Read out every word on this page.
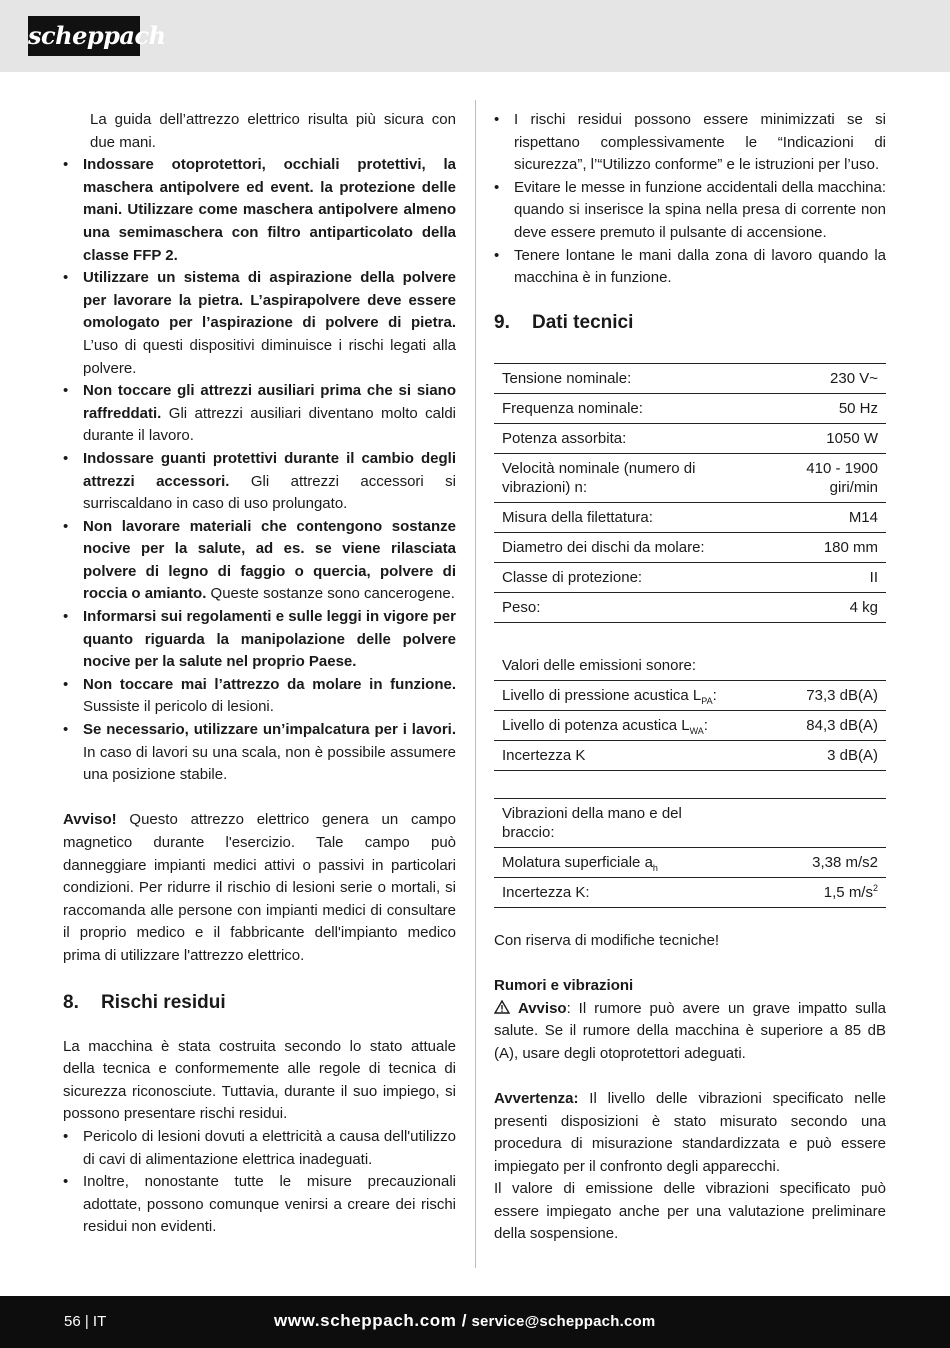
scheppach

La guida dell’attrezzo elettrico risulta più sicura con due mani.

• Indossare otoprotettori, occhiali protettivi, la maschera antipolvere ed event. la protezione delle mani. Utilizzare come maschera antipolvere almeno una semimaschera con filtro antiparticolato della classe FFP 2.
• Utilizzare un sistema di aspirazione della polvere per lavorare la pietra. L’aspirapolvere deve essere omologato per l’aspirazione di polvere di pietra. L’uso di questi dispositivi diminuisce i rischi legati alla polvere.
• Non toccare gli attrezzi ausiliari prima che si siano raffreddati. Gli attrezzi ausiliari diventano molto caldi durante il lavoro.
• Indossare guanti protettivi durante il cambio degli attrezzi accessori. Gli attrezzi accessori si surriscaldano in caso di uso prolungato.
• Non lavorare materiali che contengono sostanze nocive per la salute, ad es. se viene rilasciata polvere di legno di faggio o quercia, polvere di roccia o amianto. Queste sostanze sono cancerogene.
• Informarsi sui regolamenti e sulle leggi in vigore per quanto riguarda la manipolazione delle polvere nocive per la salute nel proprio Paese.
• Non toccare mai l’attrezzo da molare in funzione. Sussiste il pericolo di lesioni.
• Se necessario, utilizzare un’impalcatura per i lavori. In caso di lavori su una scala, non è possibile assumere una posizione stabile.

Avviso! Questo attrezzo elettrico genera un campo magnetico durante l'esercizio. Tale campo può danneggiare impianti medici attivi o passivi in particolari condizioni. Per ridurre il rischio di lesioni serie o mortali, si raccomanda alle persone con impianti medici di consultare il proprio medico e il fabbricante dell'impianto medico prima di utilizzare l'attrezzo elettrico.

8. Rischi residui

La macchina è stata costruita secondo lo stato attuale della tecnica e conformemente alle regole di tecnica di sicurezza riconosciute. Tuttavia, durante il suo impiego, si possono presentare rischi residui.

• Pericolo di lesioni dovuti a elettricità a causa dell'utilizzo di cavi di alimentazione elettrica inadeguati.
• Inoltre, nonostante tutte le misure precauzionali adottate, possono comunque venirsi a creare dei rischi residui non evidenti.
• I rischi residui possono essere minimizzati se si rispettano complessivamente le “Indicazioni di sicurezza”, l’“Utilizzo conforme” e le istruzioni per l’uso.
• Evitare le messe in funzione accidentali della macchina: quando si inserisce la spina nella presa di corrente non deve essere premuto il pulsante di accensione.
• Tenere lontane le mani dalla zona di lavoro quando la macchina è in funzione.
9. Dati tecnici
Tensione nominale:	230 V~
Frequenza nominale:	50 Hz
Potenza assorbita:	1050 W
Velocità nominale (numero di vibrazioni) n:	410 - 1900 giri/min
Misura della filettatura:	M14
Diametro dei dischi da molare:	180 mm
Classe di protezione:	II
Peso:	4 kg
Valori delle emissioni sonore:	
Livello di pressione acustica $L_{PA}$:	73,3 dB(A)
Livello di potenza acustica $L_{WA}$:	84,3 dB(A)
Incertezza K	3 dB(A)
Vibrazioni della mano e del braccio:	
Molatura superficiale $a_h$	3,38 m/s2
Incertezza K:	1,5 $m/s^2$

Con riserva di modifiche tecniche!

Rumori e vibrazioni

Avviso: Il rumore può avere un grave impatto sulla salute. Se il rumore della macchina è superiore a 85 dB (A), usare degli otoprotettori adeguati.

Avvertenza: Il livello delle vibrazioni specificato nelle presenti disposizioni è stato misurato secondo una procedura di misurazione standardizzata e può essere impiegato per il confronto degli apparecchi.

Il valore di emissione delle vibrazioni specificato può essere impiegato anche per una valutazione preliminare della sospensione.

56 | IT	www.scheppach.com / service@scheppach.com
